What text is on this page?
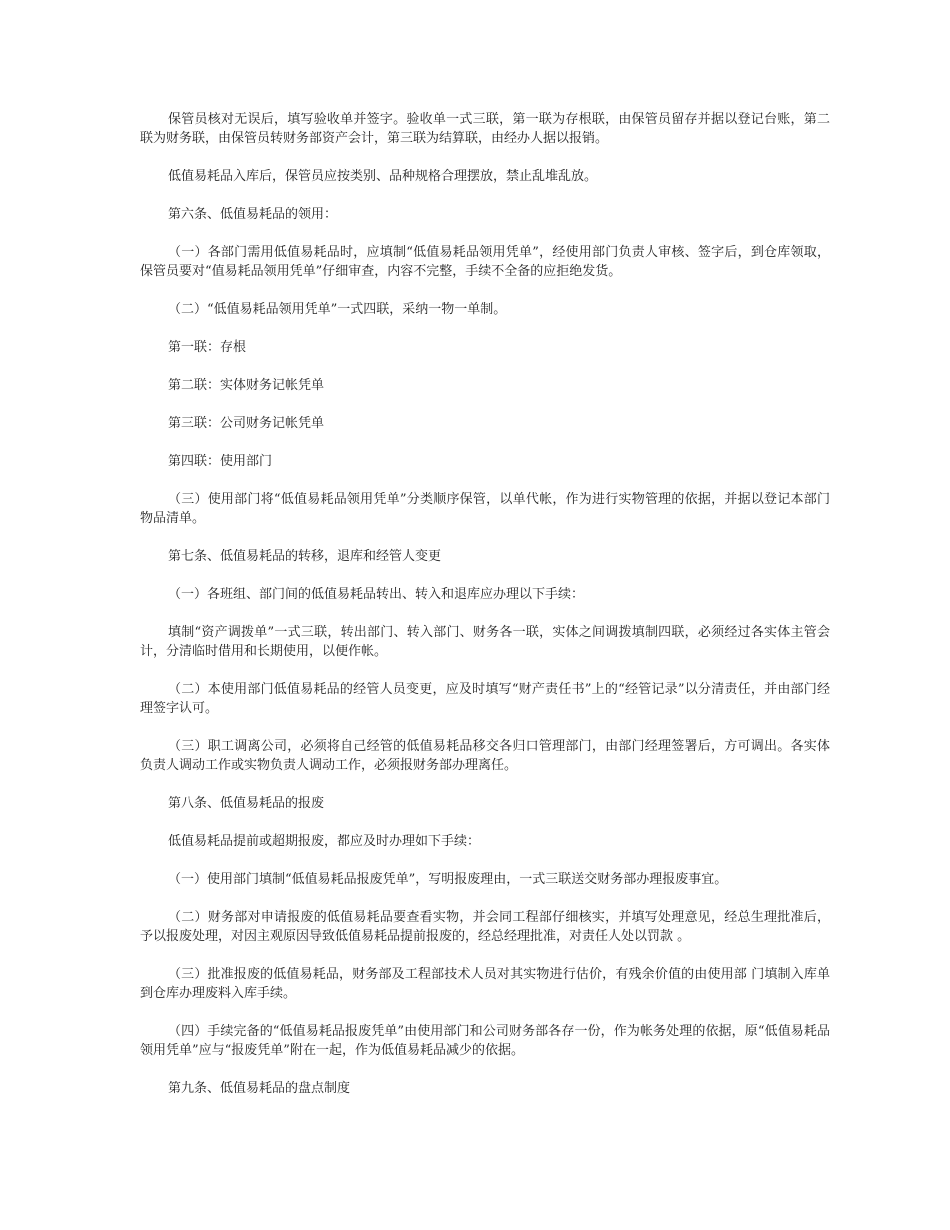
保管员核对无误后，填写验收单并签字。验收单一式三联，第一联为存根联，由保管员留存并据以登记台账，第二联为财务联，由保管员转财务部资产会计，第三联为结算联，由经办人据以报销。

低值易耗品入库后，保管员应按类别、品种规格合理摆放，禁止乱堆乱放。

第六条、低值易耗品的领用：

（一）各部门需用低值易耗品时，应填制“低值易耗品领用凭单”，经使用部门负责人审核、签字后，到仓库领取，保管员要对“值易耗品领用凭单”仔细审查，内容不完整，手续不全备的应拒绝发货。

（二）“低值易耗品领用凭单”一式四联，采纳一物一单制。

第一联：存根

第二联：实体财务记帐凭单

第三联：公司财务记帐凭单

第四联：使用部门

（三）使用部门将“低值易耗品领用凭单”分类顺序保管，以单代帐，作为进行实物管理的依据，并据以登记本部门物品清单。

第七条、低值易耗品的转移，退库和经管人变更

（一）各班组、部门间的低值易耗品转出、转入和退库应办理以下手续：

填制“资产调拨单”一式三联，转出部门、转入部门、财务各一联，实体之间调拨填制四联，必须经过各实体主管会计，分清临时借用和长期使用，以便作帐。

（二）本使用部门低值易耗品的经管人员变更，应及时填写“财产责任书”上的“经管记录”以分清责任，并由部门经理签字认可。

（三）职工调离公司，必须将自己经管的低值易耗品移交各归口管理部门，由部门经理签署后，方可调出。各实体负责人调动工作或实物负责人调动工作，必须报财务部办理离任。

第八条、低值易耗品的报废

低值易耗品提前或超期报废，都应及时办理如下手续：

（一）使用部门填制“低值易耗品报废凭单”，写明报废理由，一式三联送交财务部办理报废事宜。

（二）财务部对申请报废的低值易耗品要查看实物，并会同工程部仔细核实，并填写处理意见，经总生理批准后，予以报废处理，对因主观原因导致低值易耗品提前报废的，经总经理批准，对责任人处以罚款 。

（三）批准报废的低值易耗品，财务部及工程部技术人员对其实物进行估价，有残余价值的由使用部 门填制入库单到仓库办理废料入库手续。

（四）手续完备的“低值易耗品报废凭单”由使用部门和公司财务部各存一份，作为帐务处理的依据，原“低值易耗品领用凭单”应与“报废凭单”附在一起，作为低值易耗品减少的依据。

第九条、低值易耗品的盘点制度
